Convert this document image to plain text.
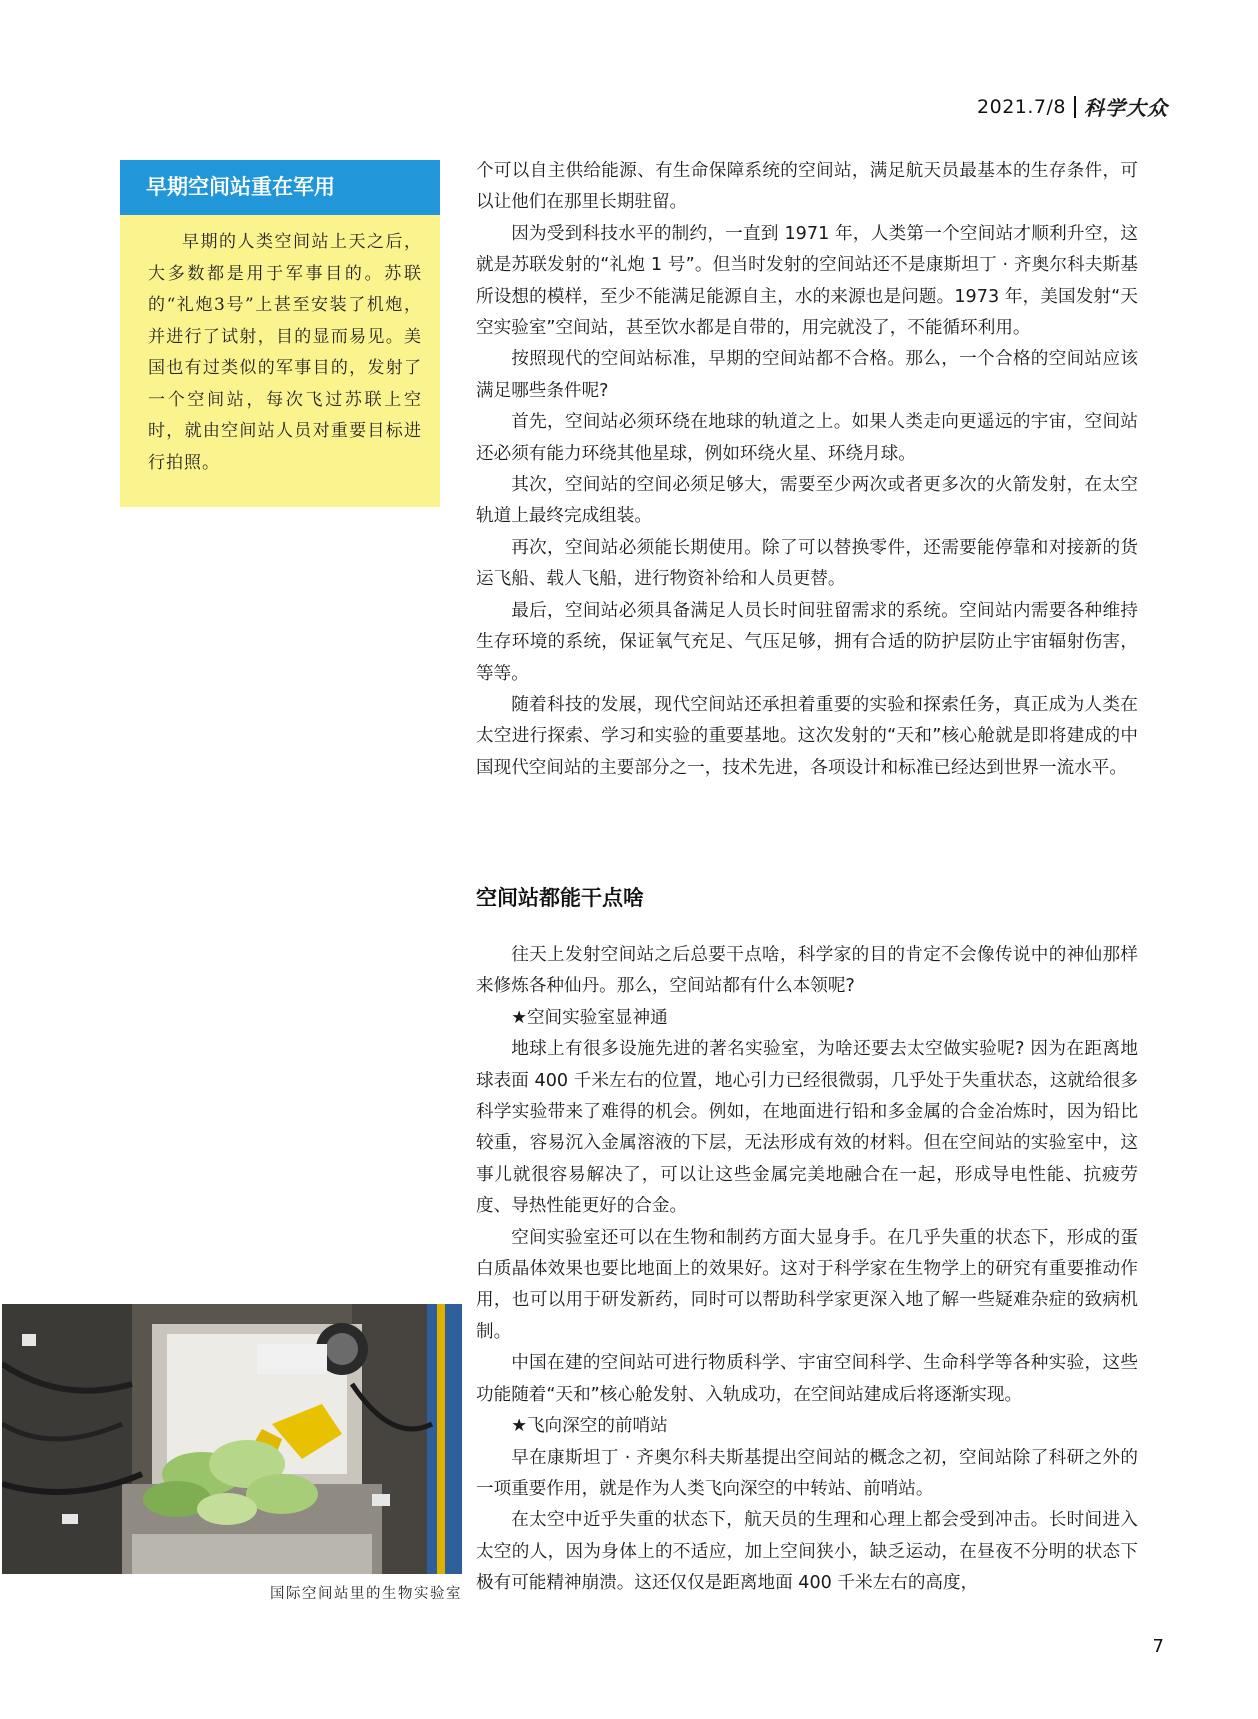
2021.7/8 科学大众
早期空间站重在军用
早期的人类空间站上天之后，大多数都是用于军事目的。苏联的“礼炮3号”上甚至安装了机炮，并进行了试射，目的显而易见。美国也有过类似的军事目的，发射了一个空间站，每次飞过苏联上空时，就由空间站人员对重要目标进行拍照。

个可以自主供给能源、有生命保障系统的空间站，满足航天员最基本的生存条件，可以让他们在那里长期驻留。

因为受到科技水平的制约，一直到 1971 年，人类第一个空间站才顺利升空，这就是苏联发射的“礼炮 1 号”。但当时发射的空间站还不是康斯坦丁 · 齐奥尔科夫斯基所设想的模样，至少不能满足能源自主，水的来源也是问题。1973 年，美国发射“天空实验室”空间站，甚至饮水都是自带的，用完就没了，不能循环利用。

按照现代的空间站标准，早期的空间站都不合格。那么，一个合格的空间站应该满足哪些条件呢?

首先，空间站必须环绕在地球的轨道之上。如果人类走向更遥远的宇宙，空间站还必须有能力环绕其他星球，例如环绕火星、环绕月球。

其次，空间站的空间必须足够大，需要至少两次或者更多次的火箭发射，在太空轨道上最终完成组装。

再次，空间站必须能长期使用。除了可以替换零件，还需要能停靠和对接新的货运飞船、载人飞船，进行物资补给和人员更替。

最后，空间站必须具备满足人员长时间驻留需求的系统。空间站内需要各种维持生存环境的系统，保证氧气充足、气压足够，拥有合适的防护层防止宇宙辐射伤害，等等。

随着科技的发展，现代空间站还承担着重要的实验和探索任务，真正成为人类在太空进行探索、学习和实验的重要基地。这次发射的“天和”核心舱就是即将建成的中国现代空间站的主要部分之一，技术先进，各项设计和标准已经达到世界一流水平。

空间站都能干点啥

往天上发射空间站之后总要干点啥，科学家的目的肯定不会像传说中的神仙那样来修炼各种仙丹。那么，空间站都有什么本领呢?

★空间实验室显神通

地球上有很多设施先进的著名实验室，为啥还要去太空做实验呢? 因为在距离地球表面 400 千米左右的位置，地心引力已经很微弱，几乎处于失重状态，这就给很多科学实验带来了难得的机会。例如，在地面进行铅和多金属的合金冶炼时，因为铅比较重，容易沉入金属溶液的下层，无法形成有效的材料。但在空间站的实验室中，这事儿就很容易解决了，可以让这些金属完美地融合在一起，形成导电性能、抗疲劳度、导热性能更好的合金。

空间实验室还可以在生物和制药方面大显身手。在几乎失重的状态下，形成的蛋白质晶体效果也要比地面上的效果好。这对于科学家在生物学上的研究有重要推动作用，也可以用于研发新药，同时可以帮助科学家更深入地了解一些疑难杂症的致病机制。

中国在建的空间站可进行物质科学、宇宙空间科学、生命科学等各种实验，这些功能随着“天和”核心舱发射、入轨成功，在空间站建成后将逐渐实现。

★飞向深空的前哨站

早在康斯坦丁 · 齐奥尔科夫斯基提出空间站的概念之初，空间站除了科研之外的一项重要作用，就是作为人类飞向深空的中转站、前哨站。

在太空中近乎失重的状态下，航天员的生理和心理上都会受到冲击。长时间进入太空的人，因为身体上的不适应，加上空间狭小，缺乏运动，在昼夜不分明的状态下极有可能精神崩溃。这还仅仅是距离地面 400 千米左右的高度，

国际空间站里的生物实验室
7
